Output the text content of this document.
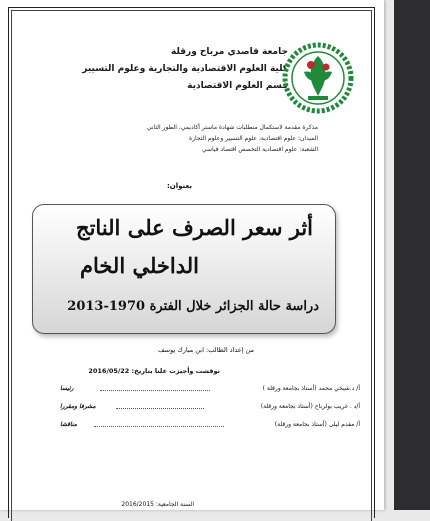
جامعة قاصدي مرباح ورقلة
كلية العلوم الاقتصادية والتجارية وعلوم التسيير
قسم العلوم الاقتصادية
مذكرة مقدمة لاستكمال متطلبات شهادة ماستر أكاديمي، الطور الثاني
الميدان: علوم اقتصادية، علوم التسيير وعلوم التجارة
الشعبة: علوم اقتصادية التخصص اقتصاد قياسي
بعنوان:
أثر سعر الصرف على الناتج
الداخلي الخام
دراسة حالة الجزائر خلال الفترة 1970-2013
من إعداد الطالب: ابن مبارك يوسف
نوقشت وأجيزت علنا بتاريخ: 2016/05/22
أ/ د.شيخي محمد (أستاذ بجامعة ورقلة )
رئيسا
أ/د . غريب بولرباح (أستاذ بجامعة ورقلة)
مشرفا ومقررا
أ/ مقدم ليلى (أستاذ بجامعة ورقلة)
مناقشا
السنة الجامعية: 2016/2015
